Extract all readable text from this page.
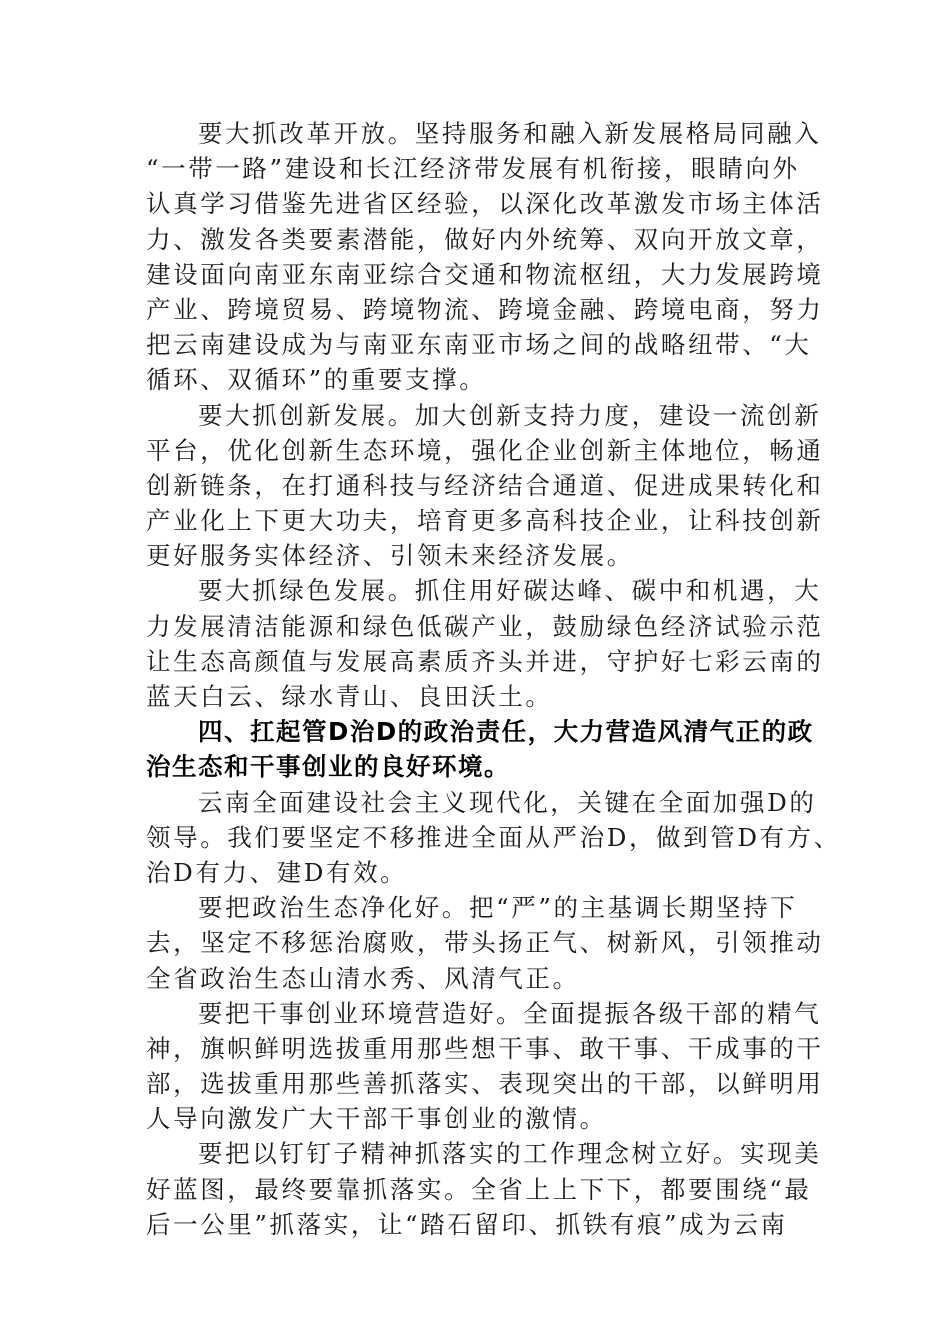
要大抓改革开放。坚持服务和融入新发展格局同融入
“一带一路”建设和长江经济带发展有机衔接，眼睛向外
认真学习借鉴先进省区经验，以深化改革激发市场主体活
力、激发各类要素潜能，做好内外统筹、双向开放文章，
建设面向南亚东南亚综合交通和物流枢纽，大力发展跨境
产业、跨境贸易、跨境物流、跨境金融、跨境电商，努力
把云南建设成为与南亚东南亚市场之间的战略纽带、“大
循环、双循环”的重要支撑。
要大抓创新发展。加大创新支持力度，建设一流创新
平台，优化创新生态环境，强化企业创新主体地位，畅通
创新链条，在打通科技与经济结合通道、促进成果转化和
产业化上下更大功夫，培育更多高科技企业，让科技创新
更好服务实体经济、引领未来经济发展。
要大抓绿色发展。抓住用好碳达峰、碳中和机遇，大
力发展清洁能源和绿色低碳产业，鼓励绿色经济试验示范
让生态高颜值与发展高素质齐头并进，守护好七彩云南的
蓝天白云、绿水青山、良田沃土。
四、扛起管D治D的政治责任，大力营造风清气正的政
治生态和干事创业的良好环境。
云南全面建设社会主义现代化，关键在全面加强D的
领导。我们要坚定不移推进全面从严治D，做到管D有方、
治D有力、建D有效。
要把政治生态净化好。把“严”的主基调长期坚持下
去，坚定不移惩治腐败，带头扬正气、树新风，引领推动
全省政治生态山清水秀、风清气正。
要把干事创业环境营造好。全面提振各级干部的精气
神，旗帜鲜明选拔重用那些想干事、敢干事、干成事的干
部，选拔重用那些善抓落实、表现突出的干部，以鲜明用
人导向激发广大干部干事创业的激情。
要把以钉钉子精神抓落实的工作理念树立好。实现美
好蓝图，最终要靠抓落实。全省上上下下，都要围绕“最
后一公里”抓落实，让“踏石留印、抓铁有痕”成为云南
